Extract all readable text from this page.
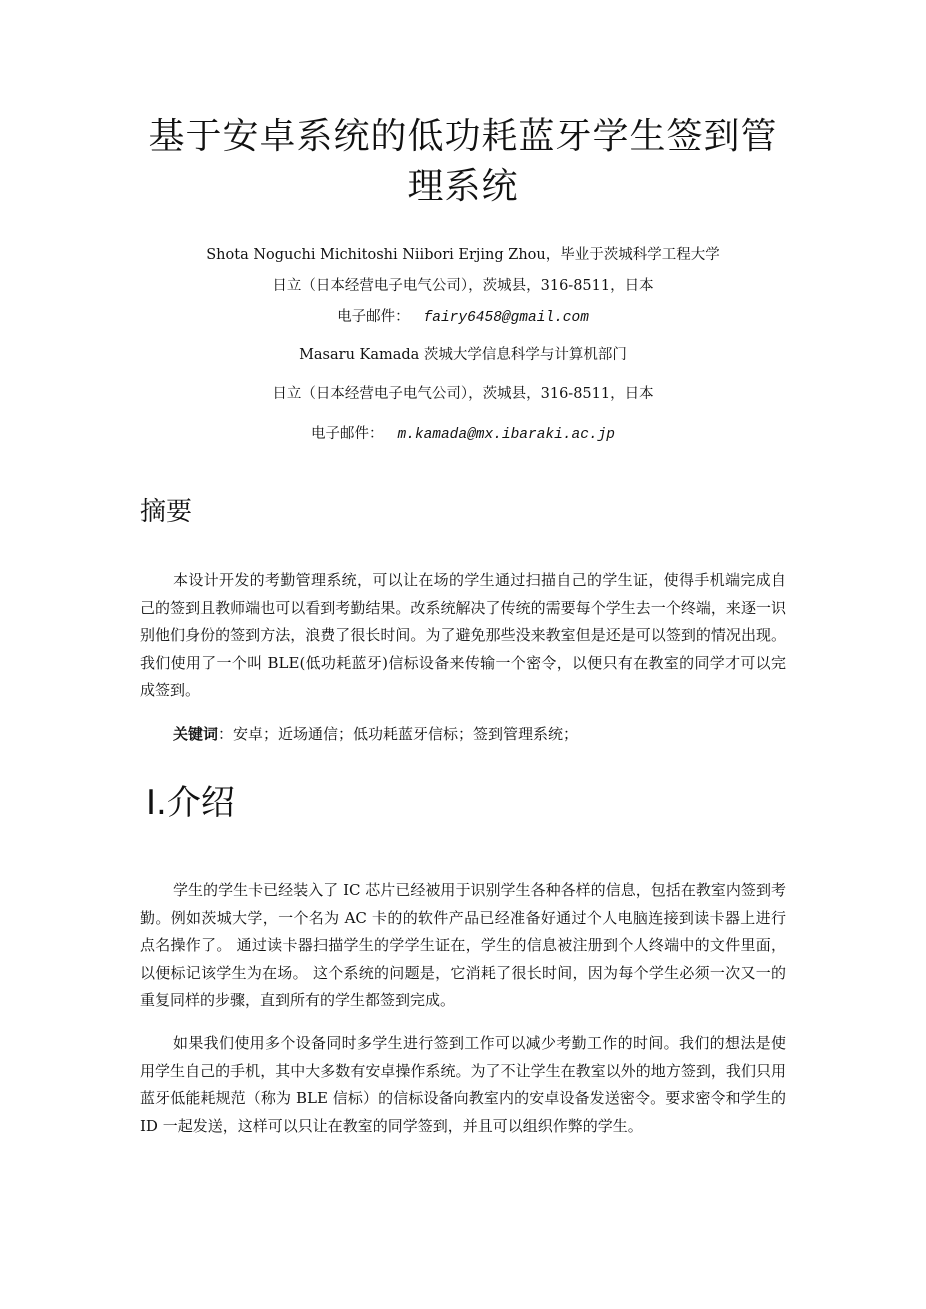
基于安卓系统的低功耗蓝牙学生签到管
理系统

Shota Noguchi Michitoshi Niibori Erjing Zhou，毕业于茨城科学工程大学

日立（日本经营电子电气公司），茨城县，316-8511，日本

电子邮件： fairy6458@gmail.com

Masaru Kamada 茨城大学信息科学与计算机部门

日立（日本经营电子电气公司），茨城县，316-8511，日本

电子邮件： m.kamada@mx.ibaraki.ac.jp

摘要

本设计开发的考勤管理系统，可以让在场的学生通过扫描自己的学生证，使得手机端完成自己的签到且教师端也可以看到考勤结果。改系统解决了传统的需要每个学生去一个终端，来逐一识别他们身份的签到方法，浪费了很长时间。为了避免那些没来教室但是还是可以签到的情况出现。我们使用了一个叫 BLE(低功耗蓝牙)信标设备来传输一个密令，以便只有在教室的同学才可以完成签到。

关键词：安卓；近场通信；低功耗蓝牙信标；签到管理系统；

Ⅰ.介绍

学生的学生卡已经装入了 IC 芯片已经被用于识别学生各种各样的信息，包括在教室内签到考勤。例如茨城大学，一个名为 AC 卡的的软件产品已经准备好通过个人电脑连接到读卡器上进行点名操作了。 通过读卡器扫描学生的学学生证在，学生的信息被注册到个人终端中的文件里面，以便标记该学生为在场。 这个系统的问题是，它消耗了很长时间，因为每个学生必须一次又一的重复同样的步骤，直到所有的学生都签到完成。

如果我们使用多个设备同时多学生进行签到工作可以减少考勤工作的时间。我们的想法是使用学生自己的手机，其中大多数有安卓操作系统。为了不让学生在教室以外的地方签到，我们只用蓝牙低能耗规范（称为 BLE 信标）的信标设备向教室内的安卓设备发送密令。要求密令和学生的 ID 一起发送，这样可以只让在教室的同学签到，并且可以组织作弊的学生。
